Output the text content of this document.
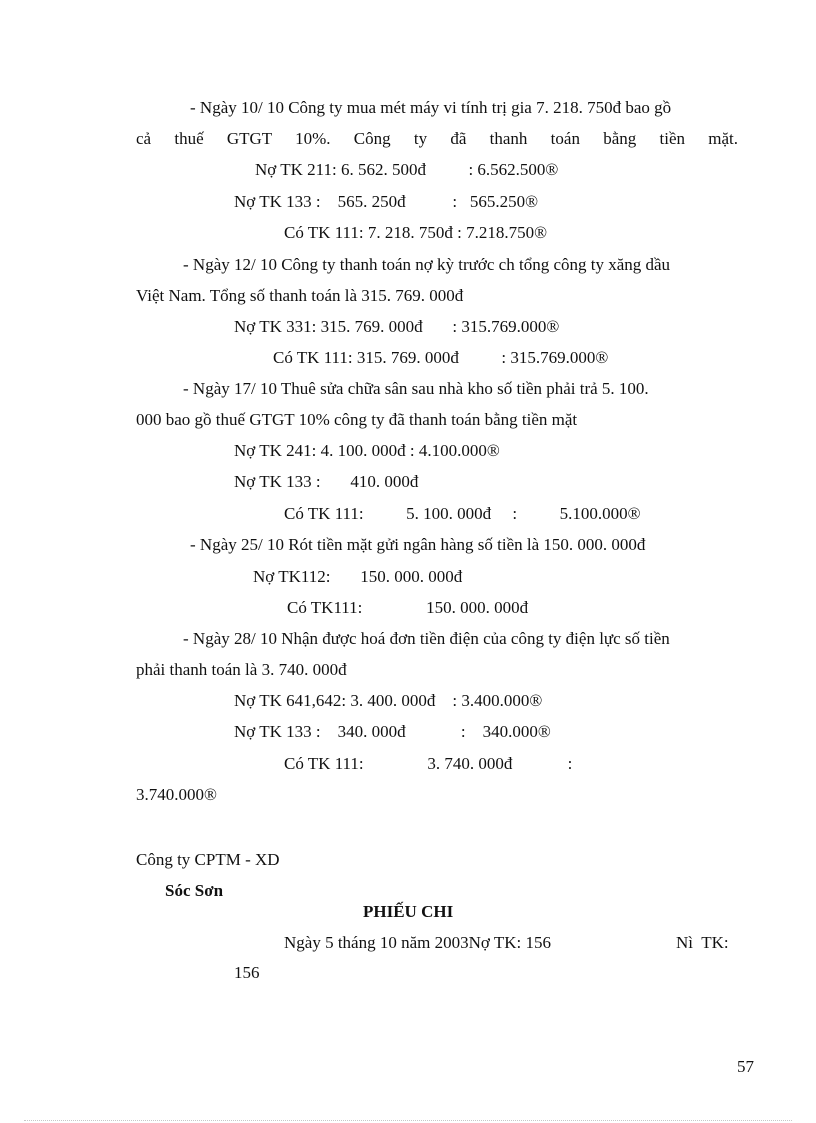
- Ngày 10/ 10 Công ty mua mét máy vi tính trị gia 7. 218. 750đ bao gồ
cả thuế GTGT 10%. Công ty đã thanh toán bằng tiền mặt.
Nợ TK 211: 6. 562. 500đ          : 6.562.500®
Nợ TK 133 :    565. 250đ           :   565.250®
Có TK 111: 7. 218. 750đ : 7.218.750®
- Ngày 12/ 10 Công ty thanh toán nợ kỳ trước ch tổng công ty xăng dầu
Việt Nam. Tổng số thanh toán là 315. 769. 000đ
Nợ TK 331: 315. 769. 000đ       : 315.769.000®
Có TK 111: 315. 769. 000đ          : 315.769.000®
- Ngày 17/ 10 Thuê sửa chữa sân sau nhà kho số tiền phải trả 5. 100.
000 bao gồ thuế GTGT 10% công ty đã thanh toán bằng tiền mặt
Nợ TK 241: 4. 100. 000đ : 4.100.000®
Nợ TK 133 :       410. 000đ
Có TK 111:          5. 100. 000đ     :          5.100.000®
- Ngày 25/ 10 Rót tiền mặt gửi ngân hàng số tiền là 150. 000. 000đ
Nợ TK112:       150. 000. 000đ
Có TK111:               150. 000. 000đ
- Ngày 28/ 10 Nhận được hoá đơn tiền điện của công ty điện lực số tiền
phải thanh toán là 3. 740. 000đ
Nợ TK 641,642: 3. 400. 000đ    : 3.400.000®
Nợ TK 133 :    340. 000đ             :    340.000®
Có TK 111:               3. 740. 000đ             :
3.740.000®
Công ty CPTM - XD
Sóc Sơn
PHIẾU CHI
Ngày 5 tháng 10 năm 2003Nợ TK: 156	Nì  TK:
156
57
